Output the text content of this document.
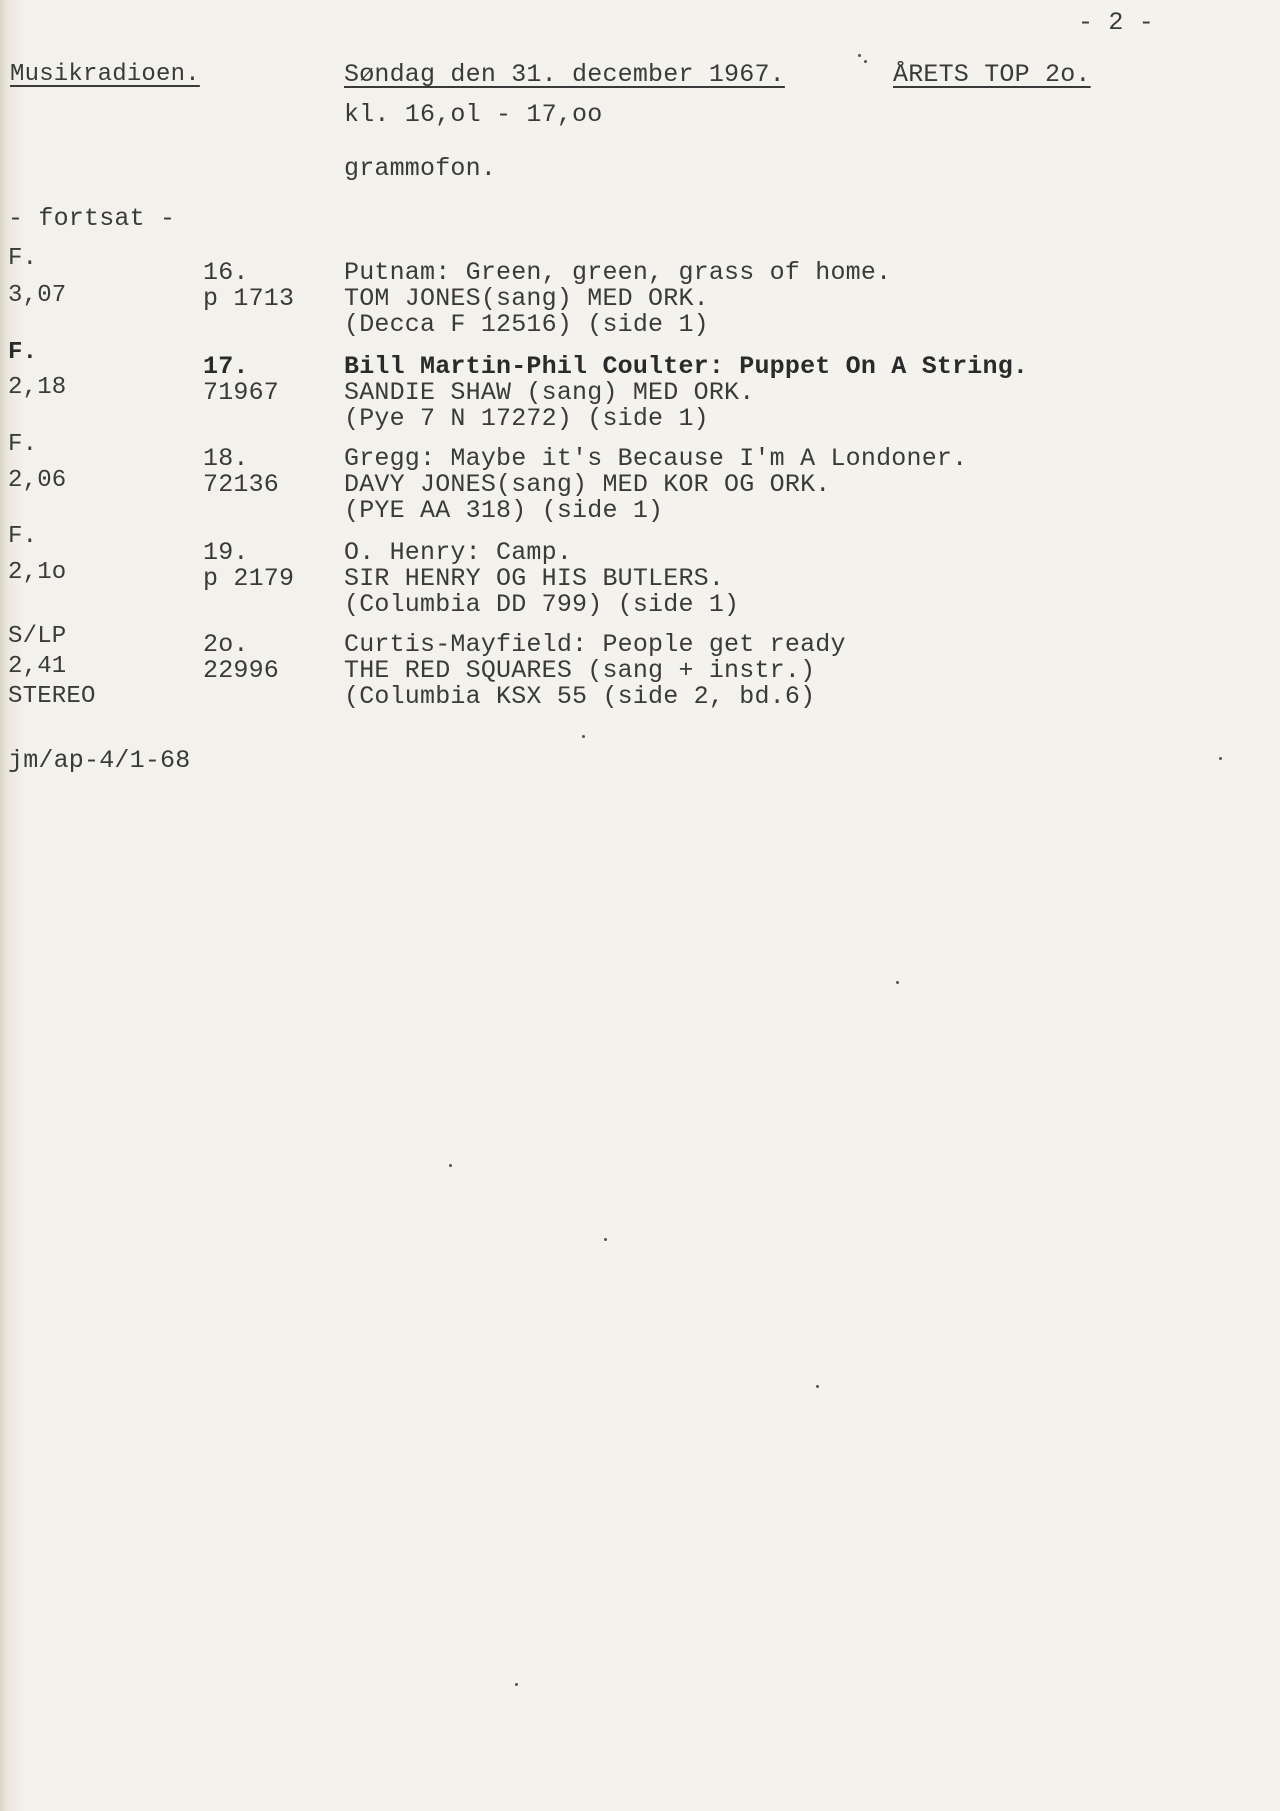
- 2 -
Musikradioen.	Søndag den 31. december 1967.	ÅRETS TOP 2o.
kl. 16,ol - 17,oo
grammofon.
- fortsat -
F.
3,07
16.
p 1713
Putnam: Green, green, grass of home.
TOM JONES(sang) MED ORK.
(Decca F 12516) (side 1)
F.
2,18
17.
71967
Bill Martin-Phil Coulter: Puppet On A String.
SANDIE SHAW (sang) MED ORK.
(Pye 7 N 17272) (side 1)
F.
2,06
18.
72136
Gregg: Maybe it's Because I'm A Londoner.
DAVY JONES(sang) MED KOR OG ORK.
(PYE AA 318) (side 1)
F.
2,1o
19.
p 2179
O. Henry: Camp.
SIR HENRY OG HIS BUTLERS.
(Columbia DD 799) (side 1)
S/LP
2,41
STEREO
2o.
22996
Curtis-Mayfield: People get ready
THE RED SQUARES (sang + instr.)
(Columbia KSX 55 (side 2, bd.6)
jm/ap-4/1-68
